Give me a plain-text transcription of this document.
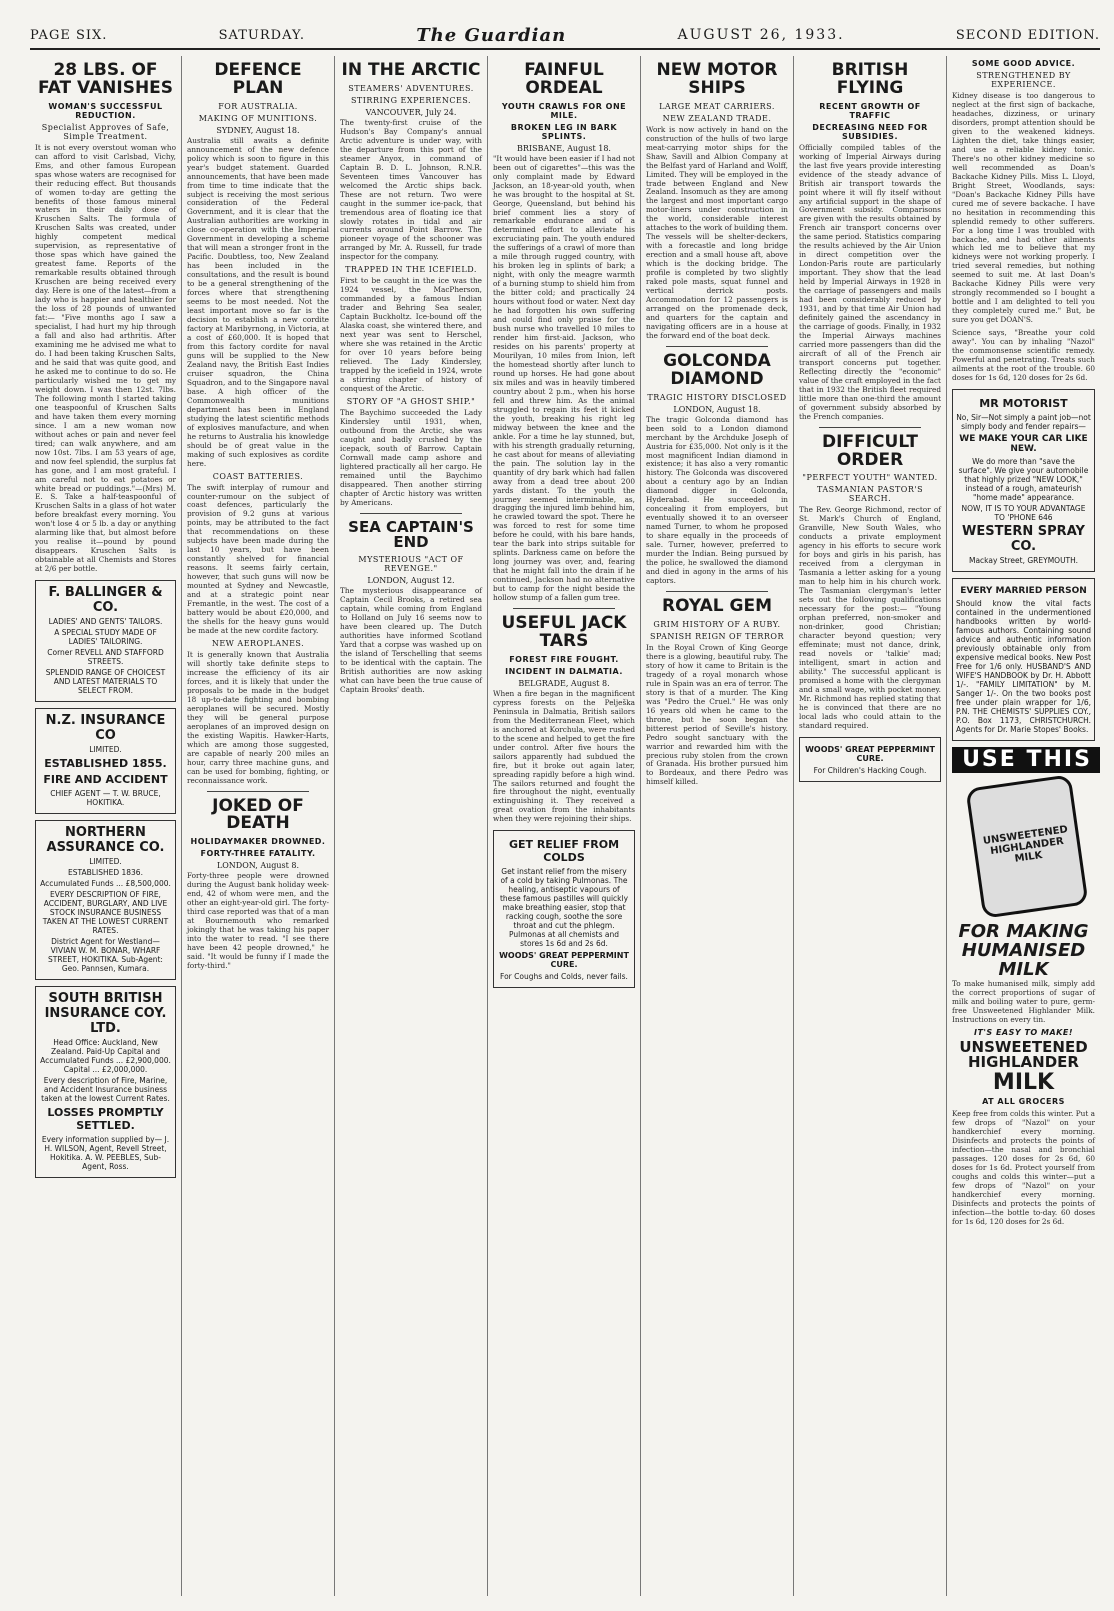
PAGE SIX.	SATURDAY.	The Guardian	AUGUST 26, 1933.	SECOND EDITION.
28 LBS. OF FAT VANISHES
WOMAN'S SUCCESSFUL REDUCTION.
Specialist Approves of Safe, Simple Treatment.

It is not every overstout woman who can afford to visit Carlsbad, Vichy, Ems, and other famous European spas whose waters are recognised for their reducing effect. But thousands of women to-day are getting the benefits of those famous mineral waters in their daily dose of Kruschen Salts. The formula of Kruschen Salts was created, under highly competent medical supervision, as representative of those spas which have gained the greatest fame. Reports of the remarkable results obtained through Kruschen are being received every day. Here is one of the latest—from a lady who is happier and healthier for the loss of 28 pounds of unwanted fat:— "Five months ago I saw a specialist, I had hurt my hip through a fall and also had arthritis. After examining me he advised me what to do. I had been taking Kruschen Salts, and he said that was quite good, and he asked me to continue to do so. He particularly wished me to get my weight down. I was then 12st. 7lbs. The following month I started taking one teaspoonful of Kruschen Salts and have taken them every morning since. I am a new woman now without aches or pain and never feel tired; can walk anywhere, and am now 10st. 7lbs. I am 53 years of age, and now feel splendid, the surplus fat has gone, and I am most grateful. I am careful not to eat potatoes or white bread or puddings."—(Mrs) M. E. S. Take a half-teaspoonful of Kruschen Salts in a glass of hot water before breakfast every morning. You won't lose 4 or 5 lb. a day or anything alarming like that, but almost before you realise it—pound by pound disappears. Kruschen Salts is obtainable at all Chemists and Stores at 2/6 per bottle.

F. BALLINGER & CO.
LADIES' AND GENTS' TAILORS.
A SPECIAL STUDY MADE OF LADIES' TAILORING.
Corner REVELL AND STAFFORD STREETS.
SPLENDID RANGE OF CHOICEST AND LATEST MATERIALS TO SELECT FROM.
N.Z. INSURANCE CO
LIMITED.
ESTABLISHED 1855.
FIRE AND ACCIDENT
CHIEF AGENT — T. W. BRUCE, HOKITIKA.
NORTHERN ASSURANCE CO.
LIMITED.
ESTABLISHED 1836.
Accumulated Funds ... £8,500,000.
EVERY DESCRIPTION OF FIRE, ACCIDENT, BURGLARY, AND LIVE STOCK INSURANCE BUSINESS TAKEN AT THE LOWEST CURRENT RATES.
District Agent for Westland— VIVIAN W. M. BONAR, WHARF STREET, HOKITIKA. Sub-Agent: Geo. Pannsen, Kumara.
SOUTH BRITISH INSURANCE COY. LTD.
Head Office: Auckland, New Zealand. Paid-Up Capital and Accumulated Funds ... £2,900,000. Capital ... £2,000,000.
Every description of Fire, Marine, and Accident Insurance business taken at the lowest Current Rates.
LOSSES PROMPTLY SETTLED.
Every information supplied by— J. H. WILSON, Agent, Revell Street, Hokitika. A. W. PEEBLES, Sub-Agent, Ross.
DEFENCE PLAN
FOR AUSTRALIA.
MAKING OF MUNITIONS.
SYDNEY, August 18.

Australia still awaits a definite announcement of the new defence policy which is soon to figure in this year's budget statement. Guarded announcements, that have been made from time to time indicate that the subject is receiving the most serious consideration of the Federal Government, and it is clear that the Australian authorities are working in close co-operation with the Imperial Government in developing a scheme that will mean a stronger front in the Pacific. Doubtless, too, New Zealand has been included in the consultations, and the result is bound to be a general strengthening of the forces where that strengthening seems to be most needed. Not the least important move so far is the decision to establish a new cordite factory at Maribyrnong, in Victoria, at a cost of £60,000. It is hoped that from this factory cordite for naval guns will be supplied to the New Zealand navy, the British East Indies cruiser squadron, the China Squadron, and to the Singapore naval base. A high officer of the Commonwealth munitions department has been in England studying the latest scientific methods of explosives manufacture, and when he returns to Australia his knowledge should be of great value in the making of such explosives as cordite here.

COAST BATTERIES.

The swift interplay of rumour and counter-rumour on the subject of coast defences, particularly the provision of 9.2 guns at various points, may be attributed to the fact that recommendations on these subjects have been made during the last 10 years, but have been constantly shelved for financial reasons. It seems fairly certain, however, that such guns will now be mounted at Sydney and Newcastle, and at a strategic point near Fremantle, in the west. The cost of a battery would be about £20,000, and the shells for the heavy guns would be made at the new cordite factory.

NEW AEROPLANES.

It is generally known that Australia will shortly take definite steps to increase the efficiency of its air forces, and it is likely that under the proposals to be made in the budget 18 up-to-date fighting and bombing aeroplanes will be secured. Mostly they will be general purpose aeroplanes of an improved design on the existing Wapitis. Hawker-Harts, which are among those suggested, are capable of nearly 200 miles an hour, carry three machine guns, and can be used for bombing, fighting, or reconnaissance work.

JOKED OF DEATH
HOLIDAYMAKER DROWNED.
FORTY-THREE FATALITY.
LONDON, August 8.

Forty-three people were drowned during the August bank holiday week-end, 42 of whom were men, and the other an eight-year-old girl. The forty-third case reported was that of a man at Bournemouth who remarked jokingly that he was taking his paper into the water to read. "I see there have been 42 people drowned," he said. "It would be funny if I made the forty-third."

IN THE ARCTIC
STEAMERS' ADVENTURES.
STIRRING EXPERIENCES.
VANCOUVER, July 24.

The twenty-first cruise of the Hudson's Bay Company's annual Arctic adventure is under way, with the departure from this port of the steamer Anyox, in command of Captain B. D. L. Johnson, R.N.R. Seventeen times Vancouver has welcomed the Arctic ships back. These are not return. Two were caught in the summer ice-pack, that tremendous area of floating ice that slowly rotates in tidal and air currents around Point Barrow. The pioneer voyage of the schooner was arranged by Mr. A. Russell, fur trade inspector for the company.

TRAPPED IN THE ICEFIELD.

First to be caught in the ice was the 1924 vessel, the MacPherson, commanded by a famous Indian trader and Behring Sea sealer, Captain Buckholtz. Ice-bound off the Alaska coast, she wintered there, and next year was sent to Herschel, where she was retained in the Arctic for over 10 years before being relieved. The Lady Kindersley, trapped by the icefield in 1924, wrote a stirring chapter of history of conquest of the Arctic.

STORY OF "A GHOST SHIP."

The Baychimo succeeded the Lady Kindersley until 1931, when, outbound from the Arctic, she was caught and badly crushed by the icepack, south of Barrow. Captain Cornwall made camp ashore and lightered practically all her cargo. He remained until the Baychimo disappeared. Then another stirring chapter of Arctic history was written by Americans.

SEA CAPTAIN'S END
MYSTERIOUS "ACT OF REVENGE."
LONDON, August 12.

The mysterious disappearance of Captain Cecil Brooks, a retired sea captain, while coming from England to Holland on July 16 seems now to have been cleared up. The Dutch authorities have informed Scotland Yard that a corpse was washed up on the island of Terschelling that seems to be identical with the captain. The British authorities are now asking what can have been the true cause of Captain Brooks' death.

FAINFUL ORDEAL
YOUTH CRAWLS FOR ONE MILE.
BROKEN LEG IN BARK SPLINTS.
BRISBANE, August 18.

"It would have been easier if I had not been out of cigarettes"—this was the only complaint made by Edward Jackson, an 18-year-old youth, when he was brought to the hospital at St. George, Queensland, but behind his brief comment lies a story of remarkable endurance and of a determined effort to alleviate his excruciating pain. The youth endured the sufferings of a crawl of more than a mile through rugged country, with his broken leg in splints of bark; a night, with only the meagre warmth of a burning stump to shield him from the bitter cold; and practically 24 hours without food or water. Next day he had forgotten his own suffering and could find only praise for the bush nurse who travelled 10 miles to render him first-aid. Jackson, who resides on his parents' property at Mourilyan, 10 miles from Inion, left the homestead shortly after lunch to round up horses. He had gone about six miles and was in heavily timbered country about 2 p.m., when his horse fell and threw him. As the animal struggled to regain its feet it kicked the youth, breaking his right leg midway between the knee and the ankle. For a time he lay stunned, but, with his strength gradually returning, he cast about for means of alleviating the pain. The solution lay in the quantity of dry bark which had fallen away from a dead tree about 200 yards distant. To the youth the journey seemed interminable, as, dragging the injured limb behind him, he crawled toward the spot. There he was forced to rest for some time before he could, with his bare hands, tear the bark into strips suitable for splints. Darkness came on before the long journey was over, and, fearing that he might fall into the drain if he continued, Jackson had no alternative but to camp for the night beside the hollow stump of a fallen gum tree.

USEFUL JACK TARS
FOREST FIRE FOUGHT.
INCIDENT IN DALMATIA.
BELGRADE, August 8.

When a fire began in the magnificent cypress forests on the Pelješka Peninsula in Dalmatia, British sailors from the Mediterranean Fleet, which is anchored at Korchula, were rushed to the scene and helped to get the fire under control. After five hours the sailors apparently had subdued the fire, but it broke out again later, spreading rapidly before a high wind. The sailors returned and fought the fire throughout the night, eventually extinguishing it. They received a great ovation from the inhabitants when they were rejoining their ships.

GET RELIEF FROM COLDS
Get instant relief from the misery of a cold by taking Pulmonas. The healing, antiseptic vapours of these famous pastilles will quickly make breathing easier, stop that racking cough, soothe the sore throat and cut the phlegm. Pulmonas at all chemists and stores 1s 6d and 2s 6d.
WOODS' GREAT PEPPERMINT CURE.
For Coughs and Colds, never fails.
NEW MOTOR SHIPS
LARGE MEAT CARRIERS.
NEW ZEALAND TRADE.

Work is now actively in hand on the construction of the hulls of two large meat-carrying motor ships for the Shaw, Savill and Albion Company at the Belfast yard of Harland and Wolff, Limited. They will be employed in the trade between England and New Zealand. Insomuch as they are among the largest and most important cargo motor-liners under construction in the world, considerable interest attaches to the work of building them. The vessels will be shelter-deckers, with a forecastle and long bridge erection and a small house aft, above which is the docking bridge. The profile is completed by two slightly raked pole masts, squat funnel and vertical derrick posts. Accommodation for 12 passengers is arranged on the promenade deck, and quarters for the captain and navigating officers are in a house at the forward end of the boat deck.

GOLCONDA DIAMOND
TRAGIC HISTORY DISCLOSED
LONDON, August 18.

The tragic Golconda diamond has been sold to a London diamond merchant by the Archduke Joseph of Austria for £35,000. Not only is it the most magnificent Indian diamond in existence; it has also a very romantic history. The Golconda was discovered about a century ago by an Indian diamond digger in Golconda, Hyderabad. He succeeded in concealing it from employers, but eventually showed it to an overseer named Turner, to whom he proposed to share equally in the proceeds of sale. Turner, however, preferred to murder the Indian. Being pursued by the police, he swallowed the diamond and died in agony in the arms of his captors.

ROYAL GEM
GRIM HISTORY OF A RUBY.
SPANISH REIGN OF TERROR

In the Royal Crown of King George there is a glowing, beautiful ruby. The story of how it came to Britain is the tragedy of a royal monarch whose rule in Spain was an era of terror. The story is that of a murder. The King was "Pedro the Cruel." He was only 16 years old when he came to the throne, but he soon began the bitterest period of Seville's history. Pedro sought sanctuary with the warrior and rewarded him with the precious ruby stolen from the crown of Granada. His brother pursued him to Bordeaux, and there Pedro was himself killed.

BRITISH FLYING
RECENT GROWTH OF TRAFFIC
DECREASING NEED FOR SUBSIDIES.

Officially compiled tables of the working of Imperial Airways during the last five years provide interesting evidence of the steady advance of British air transport towards the point where it will fly itself without any artificial support in the shape of Government subsidy. Comparisons are given with the results obtained by French air transport concerns over the same period. Statistics comparing the results achieved by the Air Union in direct competition over the London-Paris route are particularly important. They show that the lead held by Imperial Airways in 1928 in the carriage of passengers and mails had been considerably reduced by 1931, and by that time Air Union had definitely gained the ascendancy in the carriage of goods. Finally, in 1932 the Imperial Airways machines carried more passengers than did the aircraft of all of the French air transport concerns put together. Reflecting directly the "economic" value of the craft employed in the fact that in 1932 the British fleet required little more than one-third the amount of government subsidy absorbed by the French companies.

DIFFICULT ORDER
"PERFECT YOUTH" WANTED.
TASMANIAN PASTOR'S SEARCH.

The Rev. George Richmond, rector of St. Mark's Church of England, Granville, New South Wales, who conducts a private employment agency in his efforts to secure work for boys and girls in his parish, has received from a clergyman in Tasmania a letter asking for a young man to help him in his church work. The Tasmanian clergyman's letter sets out the following qualifications necessary for the post:— "Young orphan preferred, non-smoker and non-drinker, good Christian; character beyond question; very effeminate; must not dance, drink, read novels or 'talkie' mad; intelligent, smart in action and ability." The successful applicant is promised a home with the clergyman and a small wage, with pocket money. Mr. Richmond has replied stating that he is convinced that there are no local lads who could attain to the standard required.

WOODS' GREAT PEPPERMINT CURE.
For Children's Hacking Cough.
SOME GOOD ADVICE.
STRENGTHENED BY EXPERIENCE.

Kidney disease is too dangerous to neglect at the first sign of backache, headaches, dizziness, or urinary disorders, prompt attention should be given to the weakened kidneys. Lighten the diet, take things easier, and use a reliable kidney tonic. There's no other kidney medicine so well recommended as Doan's Backache Kidney Pills. Miss L. Lloyd, Bright Street, Woodlands, says: "Doan's Backache Kidney Pills have cured me of severe backache. I have no hesitation in recommending this splendid remedy to other sufferers. For a long time I was troubled with backache, and had other ailments which led me to believe that my kidneys were not working properly. I tried several remedies, but nothing seemed to suit me. At last Doan's Backache Kidney Pills were very strongly recommended so I bought a bottle and I am delighted to tell you they completely cured me." But, be sure you get DOAN'S.

Science says, "Breathe your cold away". You can by inhaling "Nazol" the commonsense scientific remedy. Powerful and penetrating. Treats such ailments at the root of the trouble. 60 doses for 1s 6d, 120 doses for 2s 6d.

MR MOTORIST
No, Sir—Not simply a paint job—not simply body and fender repairs—
WE MAKE YOUR CAR LIKE NEW.
We do more than "save the surface". We give your automobile that highly prized "NEW LOOK," instead of a rough, amateurish "home made" appearance.
NOW, IT IS TO YOUR ADVANTAGE TO 'PHONE 646
WESTERN SPRAY CO.
Mackay Street, GREYMOUTH.
EVERY MARRIED PERSON
Should know the vital facts contained in the undermentioned handbooks written by world-famous authors. Containing sound advice and authentic information previously obtainable only from expensive medical books. New Post Free for 1/6 only. HUSBAND'S AND WIFE'S HANDBOOK by Dr. H. Abbott 1/-. "FAMILY LIMITATION" by M. Sanger 1/-. On the two books post free under plain wrapper for 1/6, P.N. THE CHEMISTS' SUPPLIES COY., P.O. Box 1173, CHRISTCHURCH. Agents for Dr. Marie Stopes' Books.
USE THIS
UNSWEETENED HIGHLANDER MILK
FOR MAKING HUMANISED MILK

To make humanised milk, simply add the correct proportions of sugar of milk and boiling water to pure, germ-free Unsweetened Highlander Milk. Instructions on every tin.

IT'S EASY TO MAKE!
UNSWEETENED
HIGHLANDER
MILK
AT ALL GROCERS

Keep free from colds this winter. Put a few drops of "Nazol" on your handkerchief every morning. Disinfects and protects the points of infection—the nasal and bronchial passages. 120 doses for 2s 6d, 60 doses for 1s 6d. Protect yourself from coughs and colds this winter—put a few drops of "Nazol" on your handkerchief every morning. Disinfects and protects the points of infection—the bottle to-day. 60 doses for 1s 6d, 120 doses for 2s 6d.
